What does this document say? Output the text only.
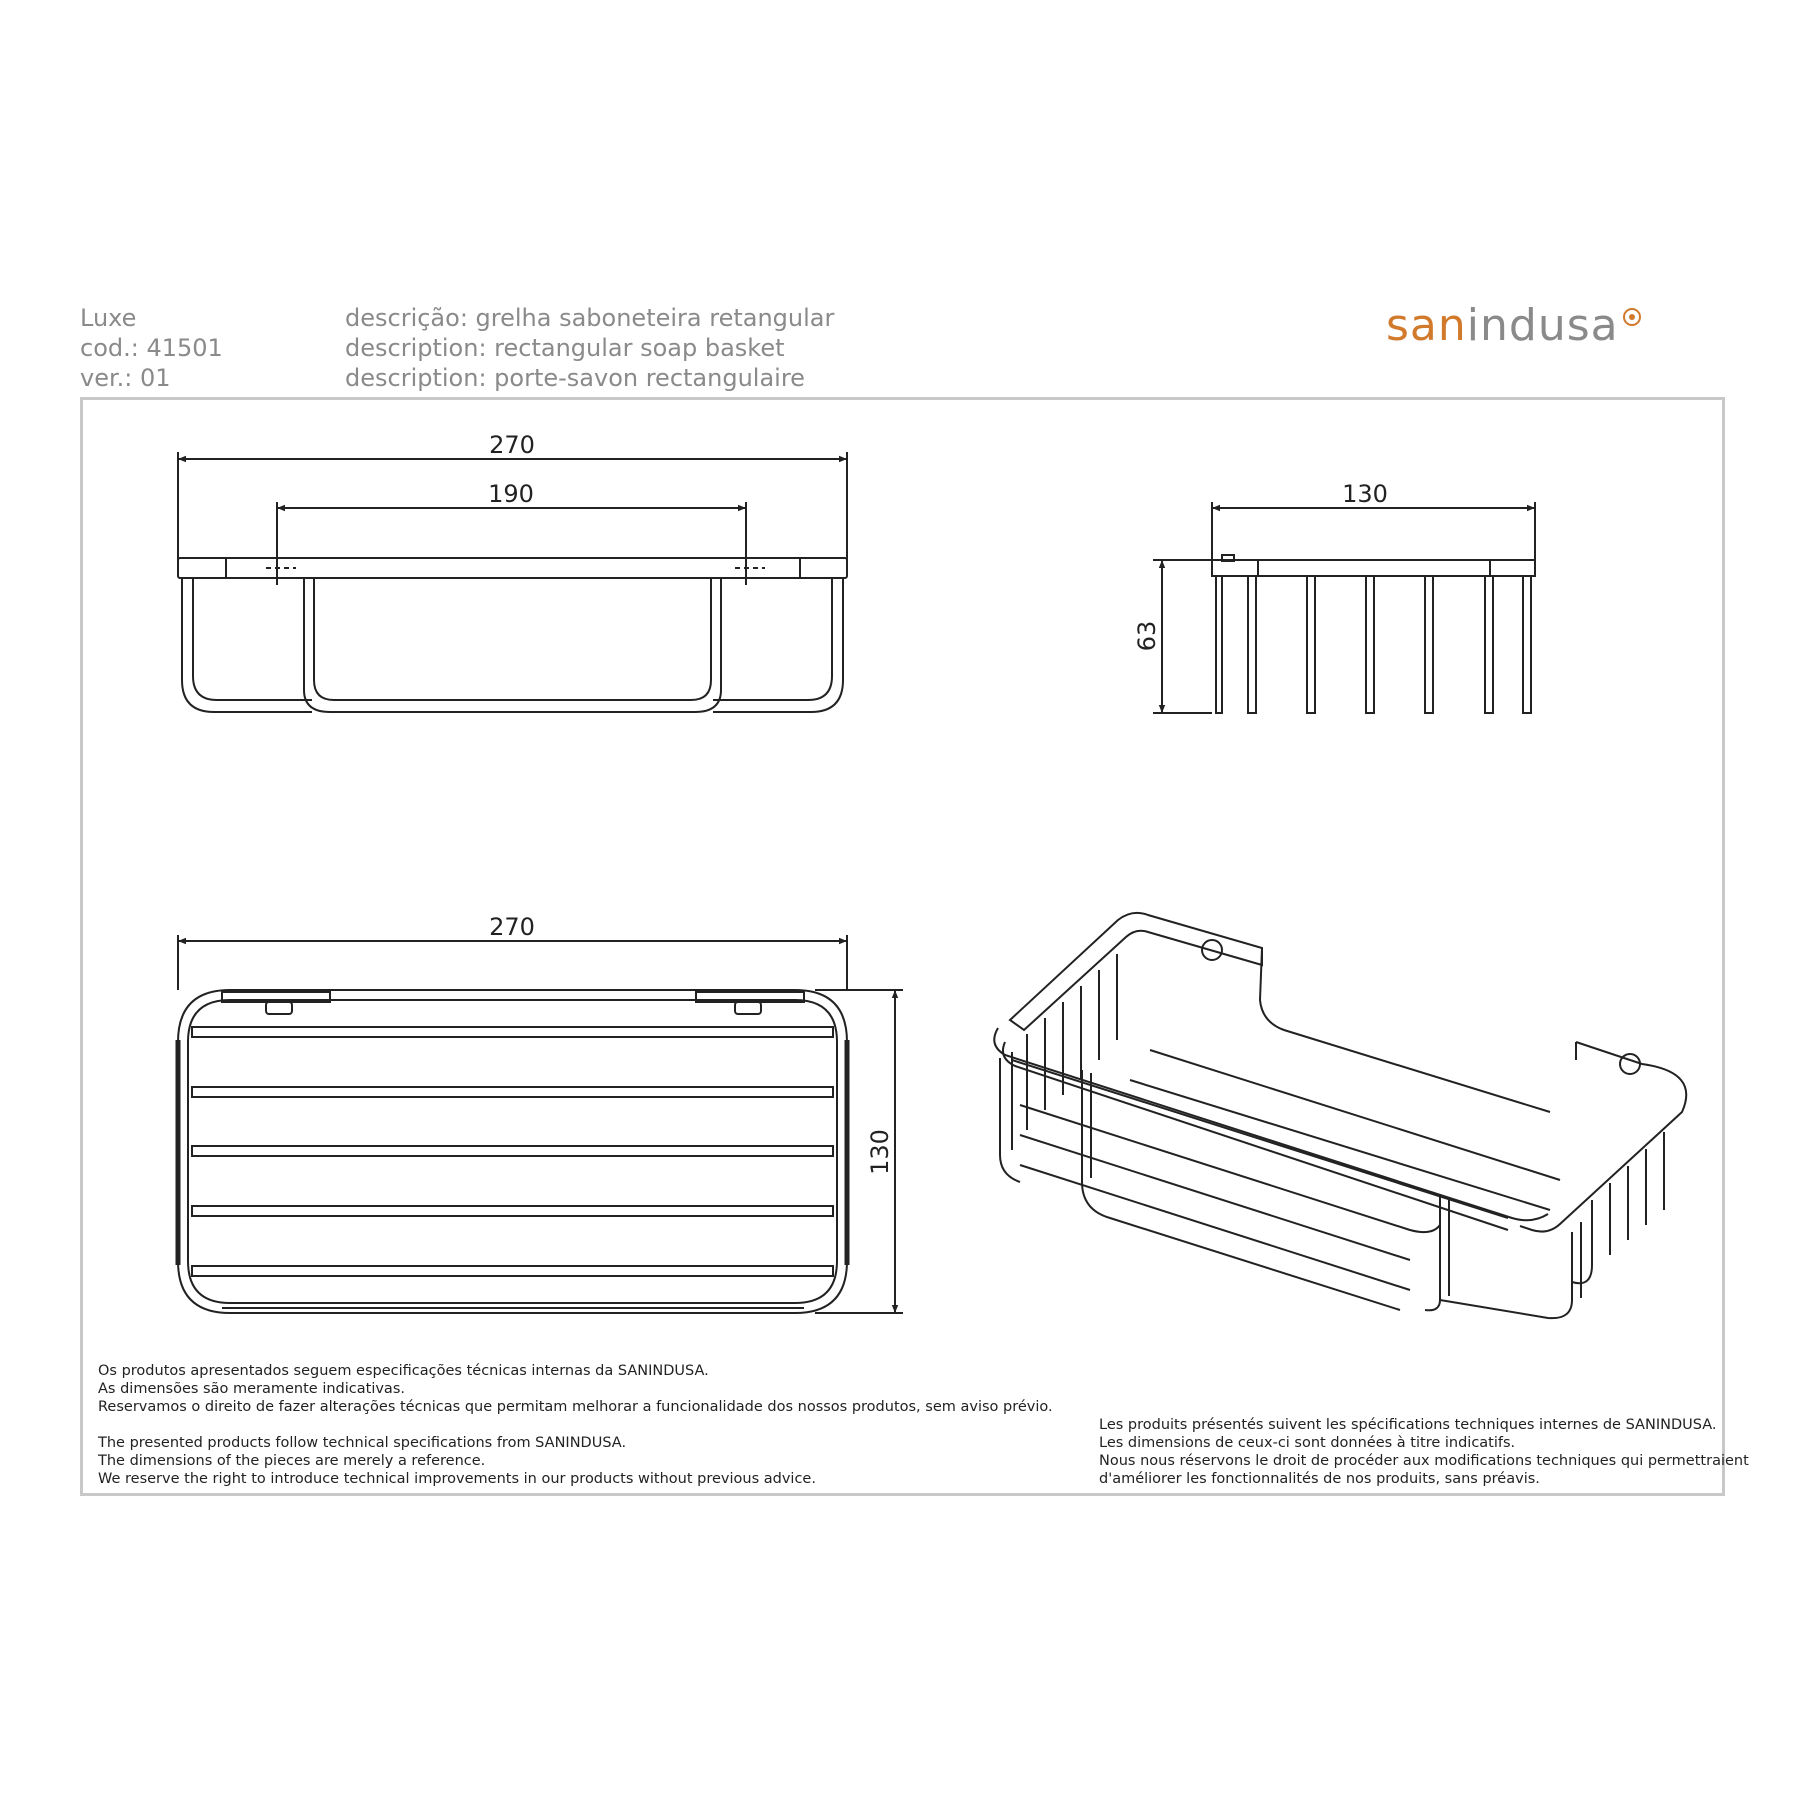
Luxe
cod.: 41501
ver.: 01
descrição: grelha saboneteira retangular
description: rectangular soap basket
description: porte-savon rectangulaire
sanindusa
270
190	130
63
270
130
Os produtos apresentados seguem especificações técnicas internas da SANINDUSA.
As dimensões são meramente indicativas.
Reservamos o direito de fazer alterações técnicas que permitam melhorar a funcionalidade dos nossos produtos, sem aviso prévio.
The presented products follow technical specifications from SANINDUSA.
The dimensions of the pieces are merely a reference.
We reserve the right to introduce technical improvements in our products without previous advice.
Les produits présentés suivent les spécifications techniques internes de SANINDUSA.
Les dimensions de ceux-ci sont données à titre indicatifs.
Nous nous réservons le droit de procéder aux modifications techniques qui permettraient
d'améliorer les fonctionnalités de nos produits, sans préavis.
